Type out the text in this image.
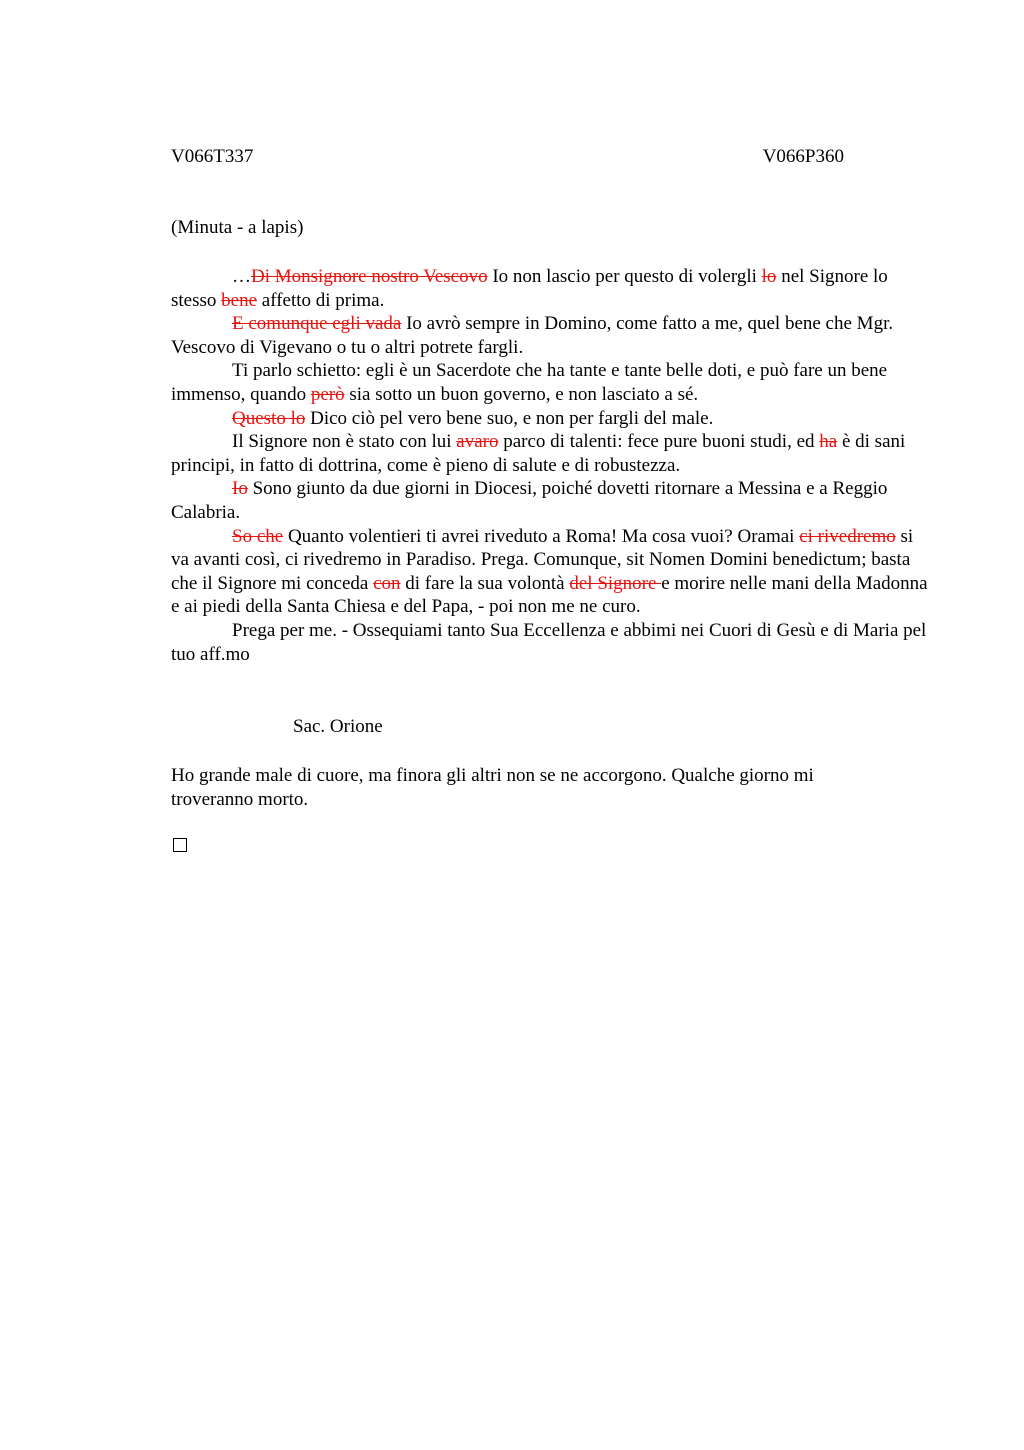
V066T337	V066P360
(Minuta - a lapis)

…Di Monsignore nostro Vescovo Io non lascio per questo di volergli lo nel Signore lo stesso bene affetto di prima.

E comunque egli vada Io avrò sempre in Domino, come fatto a me, quel bene che Mgr. Vescovo di Vigevano o tu o altri potrete fargli.

Ti parlo schietto: egli è un Sacerdote che ha tante e tante belle doti, e può fare un bene immenso, quando però sia sotto un buon governo, e non lasciato a sé.

Questo lo Dico ciò pel vero bene suo, e non per fargli del male.

Il Signore non è stato con lui avaro parco di talenti: fece pure buoni studi, ed ha è di sani principi, in fatto di dottrina, come è pieno di salute e di robustezza.

Io Sono giunto da due giorni in Diocesi, poiché dovetti ritornare a Messina e a Reggio Calabria.

So che Quanto volentieri ti avrei riveduto a Roma! Ma cosa vuoi? Oramai ci rivedremo si va avanti così, ci rivedremo in Paradiso. Prega. Comunque, sit Nomen Domini benedictum; basta che il Signore mi conceda con di fare la sua volontà del Signore e morire nelle mani della Madonna e ai piedi della Santa Chiesa e del Papa, - poi non me ne curo.

Prega per me. - Ossequiami tanto Sua Eccellenza e abbimi nei Cuori di Gesù e di Maria pel tuo aff.mo

Sac. Orione
Ho grande male di cuore, ma finora gli altri non se ne accorgono. Qualche giorno mi troveranno morto.
